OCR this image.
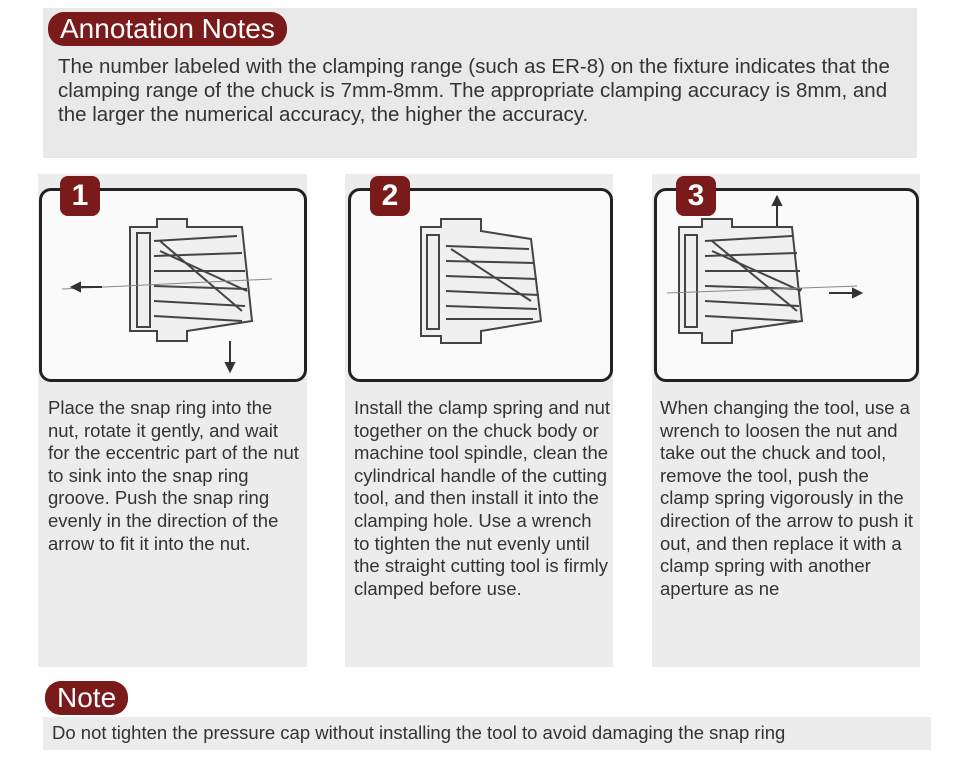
Annotation Notes
The number labeled with the clamping range (such as ER-8) on the fixture indicates that the clamping range of the chuck is 7mm-8mm. The appropriate clamping accuracy is 8mm, and the larger the numerical accuracy, the higher the accuracy.
1
Place the snap ring into the nut, rotate it gently, and wait for the eccentric part of the nut to sink into the snap ring groove. Push the snap ring evenly in the direction of the arrow to fit it into the nut.
2
Install the clamp spring and nut together on the chuck body or machine tool spindle, clean the cylindrical handle of the cutting tool, and then install it into the clamping hole. Use a wrench to tighten the nut evenly until the straight cutting tool is firmly clamped before use.
3
When changing the tool, use a wrench to loosen the nut and take out the chuck and tool, remove the tool, push the clamp spring vigorously in the direction of the arrow to push it out, and then replace it with a clamp spring with another aperture as ne
Note
Do not tighten the pressure cap without installing the tool to avoid damaging the snap ring
